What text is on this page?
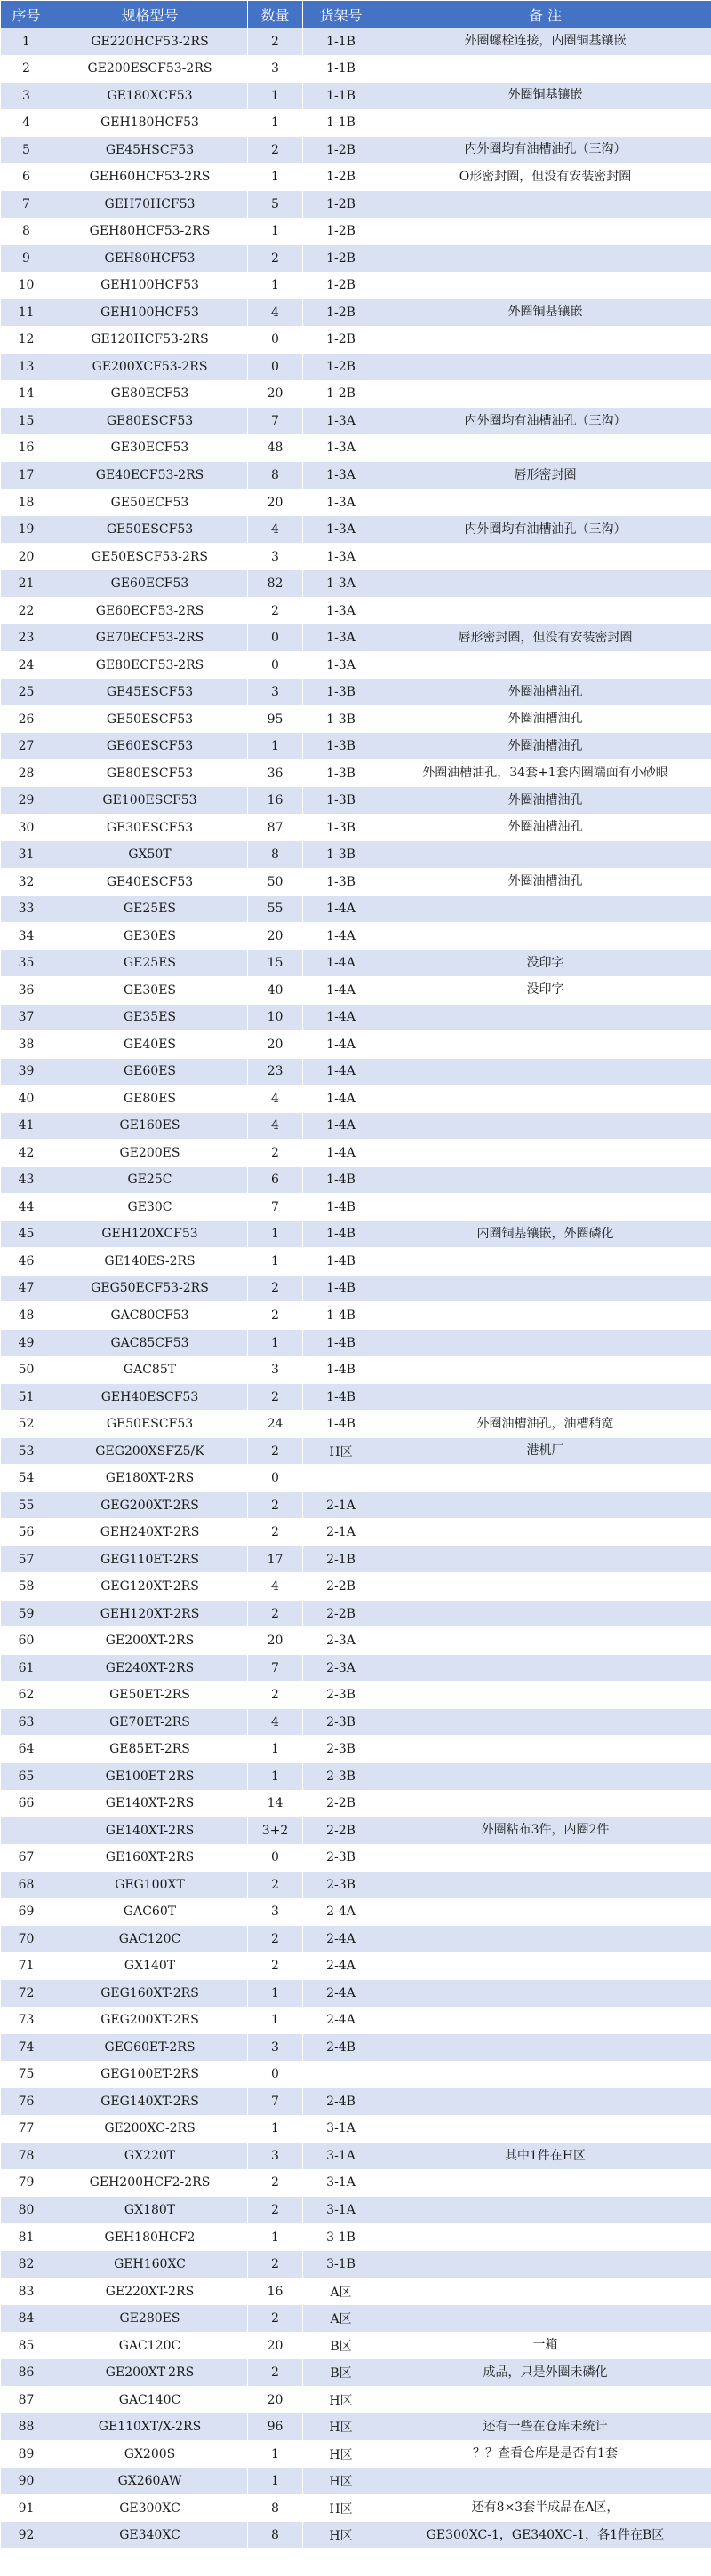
序号	规格型号	数量	货架号	备 注
1	GE220HCF53-2RS	2	1-1B	外圈螺栓连接，内圈铜基镶嵌
2	GE200ESCF53-2RS	3	1-1B	
3	GE180XCF53	1	1-1B	外圈铜基镶嵌
4	GEH180HCF53	1	1-1B	
5	GE45HSCF53	2	1-2B	内外圈均有油槽油孔（三沟）
6	GEH60HCF53-2RS	1	1-2B	O形密封圈，但没有安装密封圈
7	GEH70HCF53	5	1-2B	
8	GEH80HCF53-2RS	1	1-2B	
9	GEH80HCF53	2	1-2B	
10	GEH100HCF53	1	1-2B	
11	GEH100HCF53	4	1-2B	外圈铜基镶嵌
12	GE120HCF53-2RS	0	1-2B	
13	GE200XCF53-2RS	0	1-2B	
14	GE80ECF53	20	1-2B	
15	GE80ESCF53	7	1-3A	内外圈均有油槽油孔（三沟）
16	GE30ECF53	48	1-3A	
17	GE40ECF53-2RS	8	1-3A	唇形密封圈
18	GE50ECF53	20	1-3A	
19	GE50ESCF53	4	1-3A	内外圈均有油槽油孔（三沟）
20	GE50ESCF53-2RS	3	1-3A	
21	GE60ECF53	82	1-3A	
22	GE60ECF53-2RS	2	1-3A	
23	GE70ECF53-2RS	0	1-3A	唇形密封圈，但没有安装密封圈
24	GE80ECF53-2RS	0	1-3A	
25	GE45ESCF53	3	1-3B	外圈油槽油孔
26	GE50ESCF53	95	1-3B	外圈油槽油孔
27	GE60ESCF53	1	1-3B	外圈油槽油孔
28	GE80ESCF53	36	1-3B	外圈油槽油孔，34套+1套内圈端面有小砂眼
29	GE100ESCF53	16	1-3B	外圈油槽油孔
30	GE30ESCF53	87	1-3B	外圈油槽油孔
31	GX50T	8	1-3B	
32	GE40ESCF53	50	1-3B	外圈油槽油孔
33	GE25ES	55	1-4A	
34	GE30ES	20	1-4A	
35	GE25ES	15	1-4A	没印字
36	GE30ES	40	1-4A	没印字
37	GE35ES	10	1-4A	
38	GE40ES	20	1-4A	
39	GE60ES	23	1-4A	
40	GE80ES	4	1-4A	
41	GE160ES	4	1-4A	
42	GE200ES	2	1-4A	
43	GE25C	6	1-4B	
44	GE30C	7	1-4B	
45	GEH120XCF53	1	1-4B	内圈铜基镶嵌，外圈磷化
46	GE140ES-2RS	1	1-4B	
47	GEG50ECF53-2RS	2	1-4B	
48	GAC80CF53	2	1-4B	
49	GAC85CF53	1	1-4B	
50	GAC85T	3	1-4B	
51	GEH40ESCF53	2	1-4B	
52	GE50ESCF53	24	1-4B	外圈油槽油孔，油槽稍宽
53	GEG200XSFZ5/K	2	H区	港机厂
54	GE180XT-2RS	0		
55	GEG200XT-2RS	2	2-1A	
56	GEH240XT-2RS	2	2-1A	
57	GEG110ET-2RS	17	2-1B	
58	GEG120XT-2RS	4	2-2B	
59	GEH120XT-2RS	2	2-2B	
60	GE200XT-2RS	20	2-3A	
61	GE240XT-2RS	7	2-3A	
62	GE50ET-2RS	2	2-3B	
63	GE70ET-2RS	4	2-3B	
64	GE85ET-2RS	1	2-3B	
65	GE100ET-2RS	1	2-3B	
66	GE140XT-2RS	14	2-2B	
	GE140XT-2RS	3+2	2-2B	外圈粘布3件，内圈2件
67	GE160XT-2RS	0	2-3B	
68	GEG100XT	2	2-3B	
69	GAC60T	3	2-4A	
70	GAC120C	2	2-4A	
71	GX140T	2	2-4A	
72	GEG160XT-2RS	1	2-4A	
73	GEG200XT-2RS	1	2-4A	
74	GEG60ET-2RS	3	2-4B	
75	GEG100ET-2RS	0		
76	GEG140XT-2RS	7	2-4B	
77	GE200XC-2RS	1	3-1A	
78	GX220T	3	3-1A	其中1件在H区
79	GEH200HCF2-2RS	2	3-1A	
80	GX180T	2	3-1A	
81	GEH180HCF2	1	3-1B	
82	GEH160XC	2	3-1B	
83	GE220XT-2RS	16	A区	
84	GE280ES	2	A区	
85	GAC120C	20	B区	一箱
86	GE200XT-2RS	2	B区	成品，只是外圈未磷化
87	GAC140C	20	H区	
88	GE110XT/X-2RS	96	H区	还有一些在仓库未统计
89	GX200S	1	H区	？？查看仓库是是否有1套
90	GX260AW	1	H区	
91	GE300XC	8	H区	还有8×3套半成品在A区，
92	GE340XC	8	H区	GE300XC-1，GE340XC-1，各1件在B区
